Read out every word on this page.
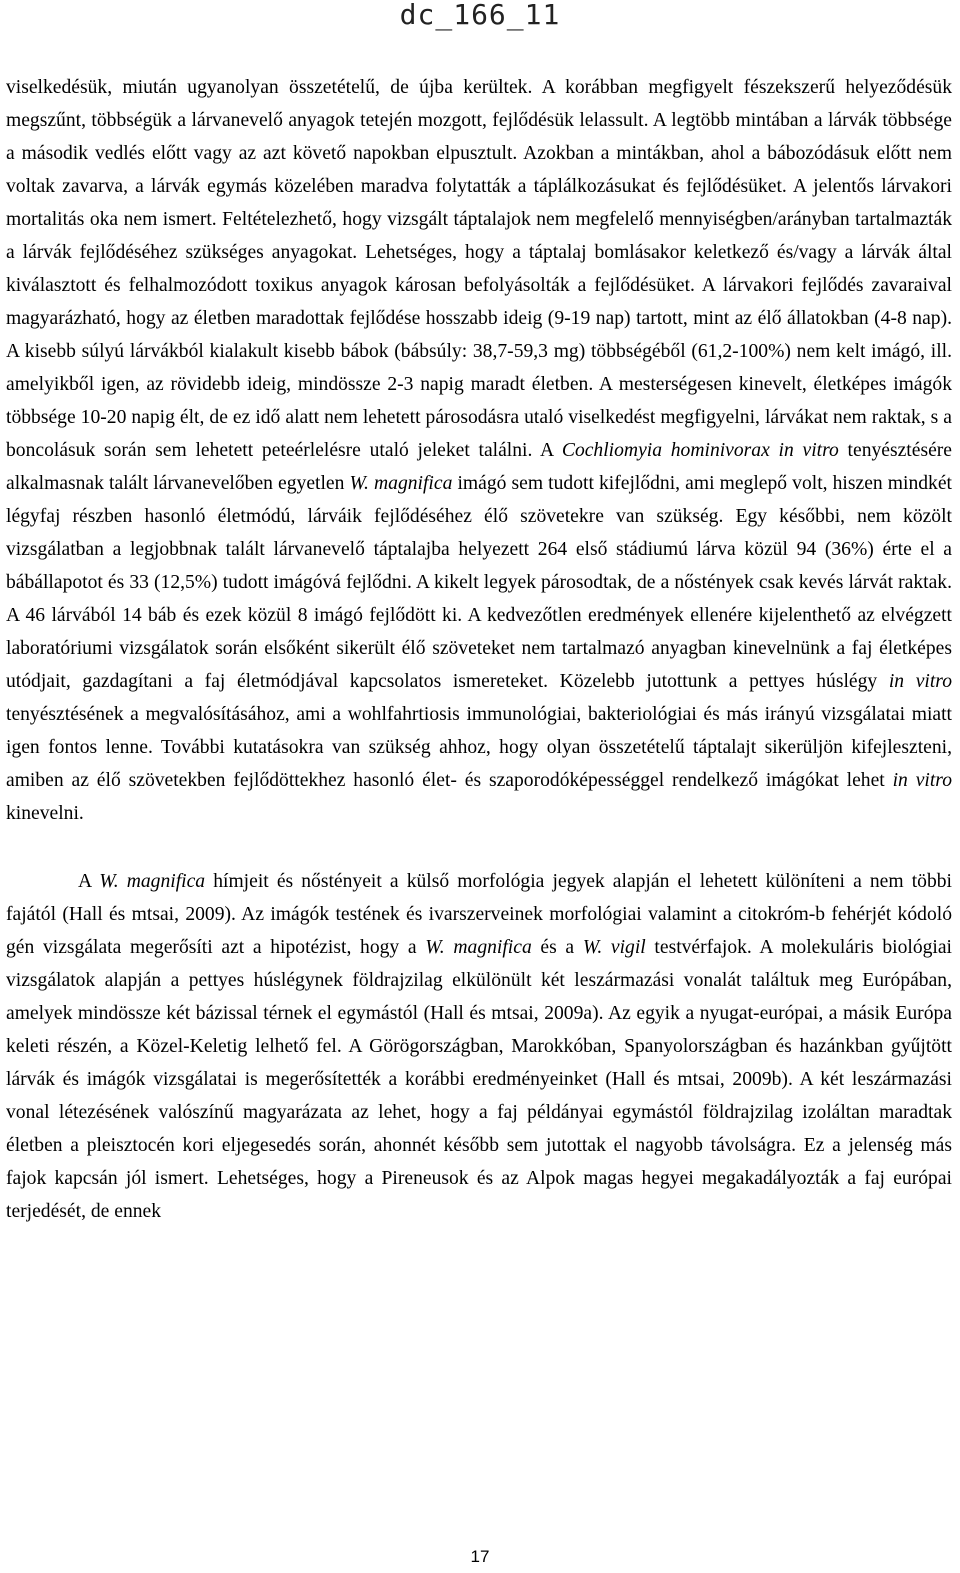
dc_166_11

viselkedésük, miután ugyanolyan összetételű, de újba kerültek. A korábban megfigyelt fészekszerű helyeződésük megszűnt, többségük a lárvanevelő anyagok tetején mozgott, fejlődésük lelassult. A legtöbb mintában a lárvák többsége a második vedlés előtt vagy az azt követő napokban elpusztult. Azokban a mintákban, ahol a bábozódásuk előtt nem voltak zavarva, a lárvák egymás közelében maradva folytatták a táplálkozásukat és fejlődésüket. A jelentős lárvakori mortalitás oka nem ismert. Feltételezhető, hogy vizsgált táptalajok nem megfelelő mennyiségben/arányban tartalmazták a lárvák fejlődéséhez szükséges anyagokat. Lehetséges, hogy a táptalaj bomlásakor keletkező és/vagy a lárvák által kiválasztott és felhalmozódott toxikus anyagok károsan befolyásolták a fejlődésüket. A lárvakori fejlődés zavaraival magyarázható, hogy az életben maradottak fejlődése hosszabb ideig (9-19 nap) tartott, mint az élő állatokban (4-8 nap). A kisebb súlyú lárvákból kialakult kisebb bábok (bábsúly: 38,7-59,3 mg) többségéből (61,2-100%) nem kelt imágó, ill. amelyikből igen, az rövidebb ideig, mindössze 2-3 napig maradt életben. A mesterségesen kinevelt, életképes imágók többsége 10-20 napig élt, de ez idő alatt nem lehetett párosodásra utaló viselkedést megfigyelni, lárvákat nem raktak, s a boncolásuk során sem lehetett peteérlelésre utaló jeleket találni. A Cochliomyia hominivorax in vitro tenyésztésére alkalmasnak talált lárvanevelőben egyetlen W. magnifica imágó sem tudott kifejlődni, ami meglepő volt, hiszen mindkét légyfaj részben hasonló életmódú, lárváik fejlődéséhez élő szövetekre van szükség. Egy későbbi, nem közölt vizsgálatban a legjobbnak talált lárvanevelő táptalajba helyezett 264 első stádiumú lárva közül 94 (36%) érte el a bábállapotot és 33 (12,5%) tudott imágóvá fejlődni. A kikelt legyek párosodtak, de a nőstények csak kevés lárvát raktak. A 46 lárvából 14 báb és ezek közül 8 imágó fejlődött ki. A kedvezőtlen eredmények ellenére kijelenthető az elvégzett laboratóriumi vizsgálatok során elsőként sikerült élő szöveteket nem tartalmazó anyagban kinevelnünk a faj életképes utódjait, gazdagítani a faj életmódjával kapcsolatos ismereteket. Közelebb jutottunk a pettyes húslégy in vitro tenyésztésének a megvalósításához, ami a wohlfahrtiosis immunológiai, bakteriológiai és más irányú vizsgálatai miatt igen fontos lenne. További kutatásokra van szükség ahhoz, hogy olyan összetételű táptalajt sikerüljön kifejleszteni, amiben az élő szövetekben fejlődöttekhez hasonló élet- és szaporodóképességgel rendelkező imágókat lehet in vitro kinevelni.

A W. magnifica hímjeit és nőstényeit a külső morfológia jegyek alapján el lehetett különíteni a nem többi fajától (Hall és mtsai, 2009). Az imágók testének és ivarszerveinek morfológiai valamint a citokróm-b fehérjét kódoló gén vizsgálata megerősíti azt a hipotézist, hogy a W. magnifica és a W. vigil testvérfajok. A molekuláris biológiai vizsgálatok alapján a pettyes húslégynek földrajzilag elkülönült két leszármazási vonalát találtuk meg Európában, amelyek mindössze két bázissal térnek el egymástól (Hall és mtsai, 2009a). Az egyik a nyugat-európai, a másik Európa keleti részén, a Közel-Keletig lelhető fel. A Görögországban, Marokkóban, Spanyolországban és hazánkban gyűjtött lárvák és imágók vizsgálatai is megerősítették a korábbi eredményeinket (Hall és mtsai, 2009b). A két leszármazási vonal létezésének valószínű magyarázata az lehet, hogy a faj példányai egymástól földrajzilag izoláltan maradtak életben a pleisztocén kori eljegesedés során, ahonnét később sem jutottak el nagyobb távolságra. Ez a jelenség más fajok kapcsán jól ismert. Lehetséges, hogy a Pireneusok és az Alpok magas hegyei megakadályozták a faj európai terjedését, de ennek

17
